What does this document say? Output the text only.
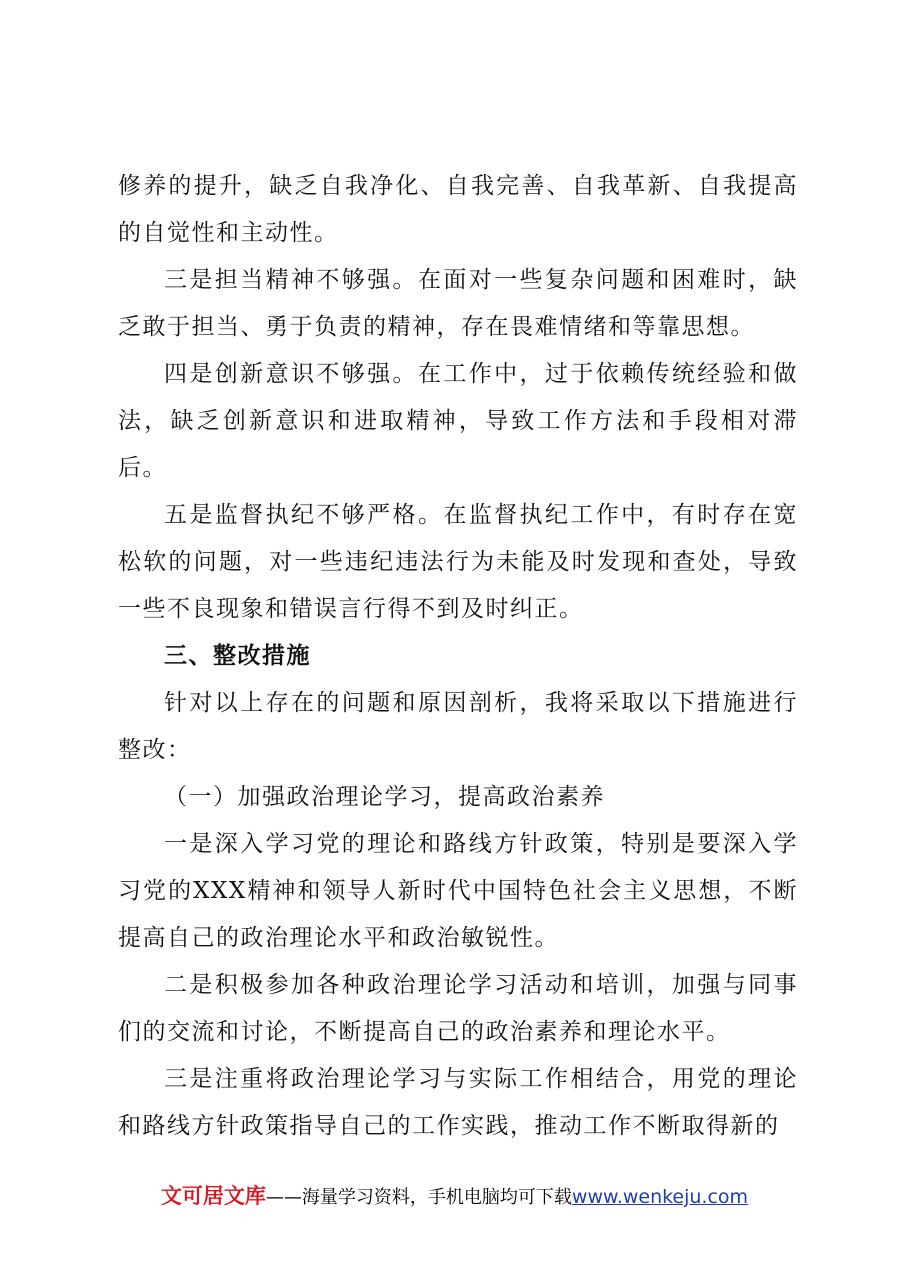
修养的提升，缺乏自我净化、自我完善、自我革新、自我提高
的自觉性和主动性。
三是担当精神不够强。在面对一些复杂问题和困难时，缺
乏敢于担当、勇于负责的精神，存在畏难情绪和等靠思想。
四是创新意识不够强。在工作中，过于依赖传统经验和做
法，缺乏创新意识和进取精神，导致工作方法和手段相对滞后。
五是监督执纪不够严格。在监督执纪工作中，有时存在宽
松软的问题，对一些违纪违法行为未能及时发现和查处，导致
一些不良现象和错误言行得不到及时纠正。
三、整改措施
针对以上存在的问题和原因剖析，我将采取以下措施进行
整改：
（一）加强政治理论学习，提高政治素养
一是深入学习党的理论和路线方针政策，特别是要深入学
习党的XXX精神和领导人新时代中国特色社会主义思想，不断
提高自己的政治理论水平和政治敏锐性。
二是积极参加各种政治理论学习活动和培训，加强与同事
们的交流和讨论，不断提高自己的政治素养和理论水平。
三是注重将政治理论学习与实际工作相结合，用党的理论
和路线方针政策指导自己的工作实践，推动工作不断取得新的
文可居文库——海量学习资料，手机电脑均可下载www.wenkeju.com
